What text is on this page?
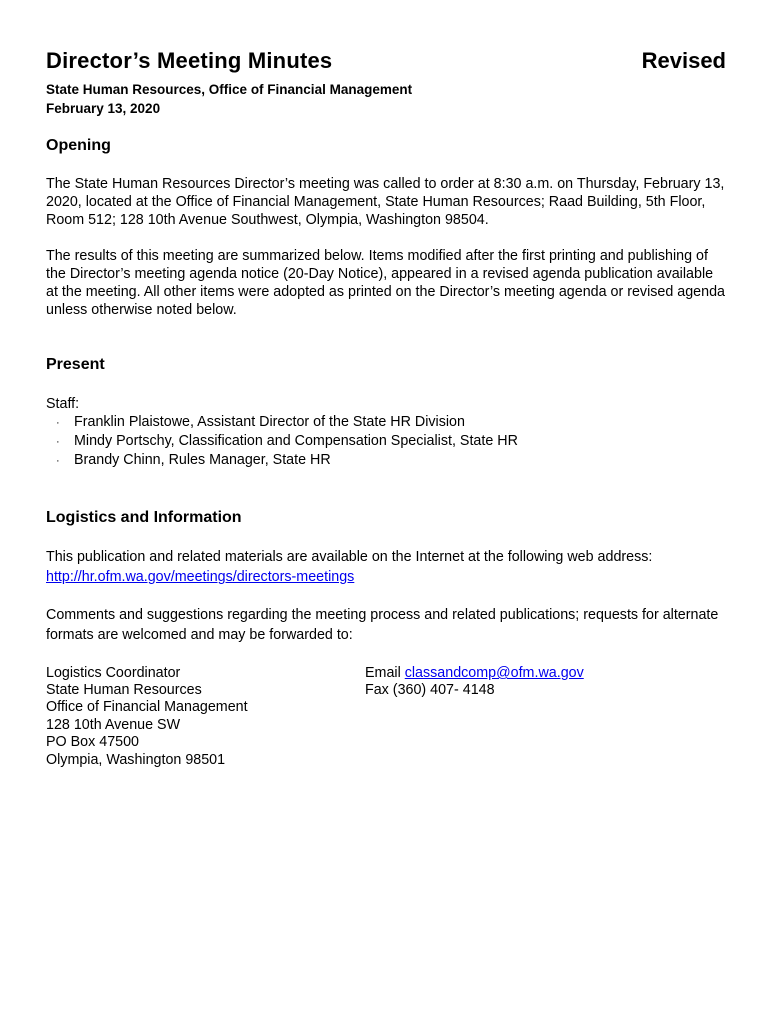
Director’s Meeting Minutes	Revised
State Human Resources, Office of Financial Management
February 13, 2020
Opening

The State Human Resources Director’s meeting was called to order at 8:30 a.m. on Thursday, February 13, 2020, located at the Office of Financial Management, State Human Resources; Raad Building, 5th Floor, Room 512; 128 10th Avenue Southwest, Olympia, Washington 98504.

The results of this meeting are summarized below. Items modified after the first printing and publishing of the Director’s meeting agenda notice (20-Day Notice), appeared in a revised agenda publication available at the meeting. All other items were adopted as printed on the Director’s meeting agenda or revised agenda unless otherwise noted below.

Present
Staff:
· Franklin Plaistowe, Assistant Director of the State HR Division
· Mindy Portschy, Classification and Compensation Specialist, State HR
· Brandy Chinn, Rules Manager, State HR
Logistics and Information

This publication and related materials are available on the Internet at the following web address:
http://hr.ofm.wa.gov/meetings/directors-meetings

Comments and suggestions regarding the meeting process and related publications; requests for alternate formats are welcomed and may be forwarded to:

Logistics Coordinator
State Human Resources
Office of Financial Management
128 10th Avenue SW
PO Box 47500
Olympia, Washington 98501
Email classandcomp@ofm.wa.gov
Fax (360) 407- 4148
